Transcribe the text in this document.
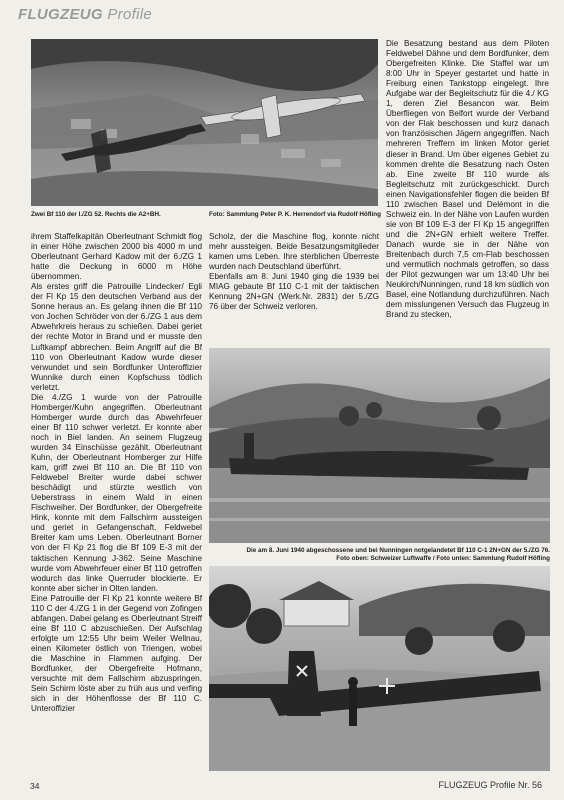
FLUGZEUG Profile
Zwei Bf 110 der I./ZG 52. Rechts die A2+BH.	Foto: Sammlung Peter P. K. Herrendorf via Rudolf Höfling

Die Besatzung bestand aus dem Piloten Feldwebel Dähne und dem Bordfunker, dem Obergefreiten Klinke. Die Staffel war um 8:00 Uhr in Speyer gestartet und hatte in Freiburg einen Tankstopp eingelegt. Ihre Aufgabe war der Begleitschutz für die 4./ KG 1, deren Ziel Besancon war. Beim Überfliegen von Belfort wurde der Verband von der Flak beschossen und kurz danach von französischen Jägern angegriffen. Nach mehreren Treffern im linken Motor geriet dieser in Brand. Um über eigenes Gebiet zu kommen drehte die Besatzung nach Osten ab. Eine zweite Bf 110 wurde als Begleitschutz mit zurückgeschickt. Durch einen Navigationsfehler flogen die beiden Bf 110 zwischen Basel und Delémont in die Schweiz ein. In der Nähe von Laufen wurden sie von Bf 109 E-3 der Fl Kp 15 angegriffen und die 2N+GN erhielt weitere Treffer. Danach wurde sie in der Nähe von Breitenbach durch 7,5 cm-Flab beschossen und vermutlich nochmals getroffen, so dass der Pilot gezwungen war um 13:40 Uhr bei Neukirch/Nunningen, rund 18 km südlich von Basel, eine Notlandung durchzuführen. Nach dem misslungenen Versuch das Flugzeug in Brand zu stecken,

ihrem Staffelkapitän Oberleutnant Schmidt flog in einer Höhe zwischen 2000 bis 4000 m und Oberleutnant Gerhard Kadow mit der 6./ZG 1 hatte die Deckung in 6000 m Höhe übernommen.

Als erstes griff die Patrouille Lindecker/ Egli der Fl Kp 15 den deutschen Verband aus der Sonne heraus an. Es gelang ihnen die Bf 110 von Jochen Schröder von der 6./ZG 1 aus dem Abwehrkreis heraus zu schießen. Dabei geriet der rechte Motor in Brand und er musste den Luftkampf abbrechen. Beim Angriff auf die Bf 110 von Oberleutnant Kadow wurde dieser verwundet und sein Bordfunker Unteroffizier Wunnike durch einen Kopfschuss tödlich verletzt.

Die 4./ZG 1 wurde von der Patrouille Homberger/Kuhn angegriffen. Oberleutnant Homberger wurde durch das Abwehrfeuer einer Bf 110 schwer verletzt. Er konnte aber noch in Biel landen. An seinem Flugzeug wurden 34 Einschüsse gezählt. Oberleutnant Kuhn, der Oberleutnant Homberger zur Hilfe kam, griff zwei Bf 110 an. Die Bf 110 von Feldwebel Breiter wurde dabei schwer beschädigt und stürzte westlich von Ueberstrass in einem Wald in einen Fischweiher. Der Bordfunker, der Obergefreite Hink, konnte mit dem Fallschirm aussteigen und geriet in Gefangenschaft. Feldwebel Breiter kam ums Leben. Oberleutnant Borner von der Fl Kp 21 flog die Bf 109 E-3 mit der taktischen Kennung J-362. Seine Maschine wurde vom Abwehrfeuer einer Bf 110 getroffen wodurch das linke Querruder blockierte. Er konnte aber sicher in Olten landen.

Eine Patrouille der Fl Kp 21 konnte weitere Bf 110 C der 4./ZG 1 in der Gegend von Zofingen abfangen. Dabei gelang es Oberleutnant Streiff eine Bf 110 C abzuschießen. Der Aufschlag erfolgte um 12:55 Uhr beim Weiler Wellnau, einen Kilometer östlich von Triengen, wobei die Maschine in Flammen aufging. Der Bordfunker, der Obergefreite Hofmann, versuchte mit dem Fallschirm abzuspringen. Sein Schirm löste aber zu früh aus und verfing sich in der Höhenflosse der Bf 110 C. Unteroffizier

Scholz, der die Maschine flog, konnte nicht mehr aussteigen. Beide Besatzungsmitglieder kamen ums Leben. Ihre sterblichen Überreste wurden nach Deutschland überführt.

Ebenfalls am 8. Juni 1940 ging die 1939 bei MIAG gebaute Bf 110 C-1 mit der taktischen Kennung 2N+GN (Werk.Nr. 2831) der 5./ZG 76 über der Schweiz verloren.

Die am 8. Juni 1940 abgeschossene und bei Nunningen notgelandetet Bf 110 C-1 2N+GN der 5./ZG 76.
Foto oben: Schweizer Luftwaffe / Foto unten: Sammlung Rudolf Höfling
34	FLUGZEUG Profile Nr. 56
